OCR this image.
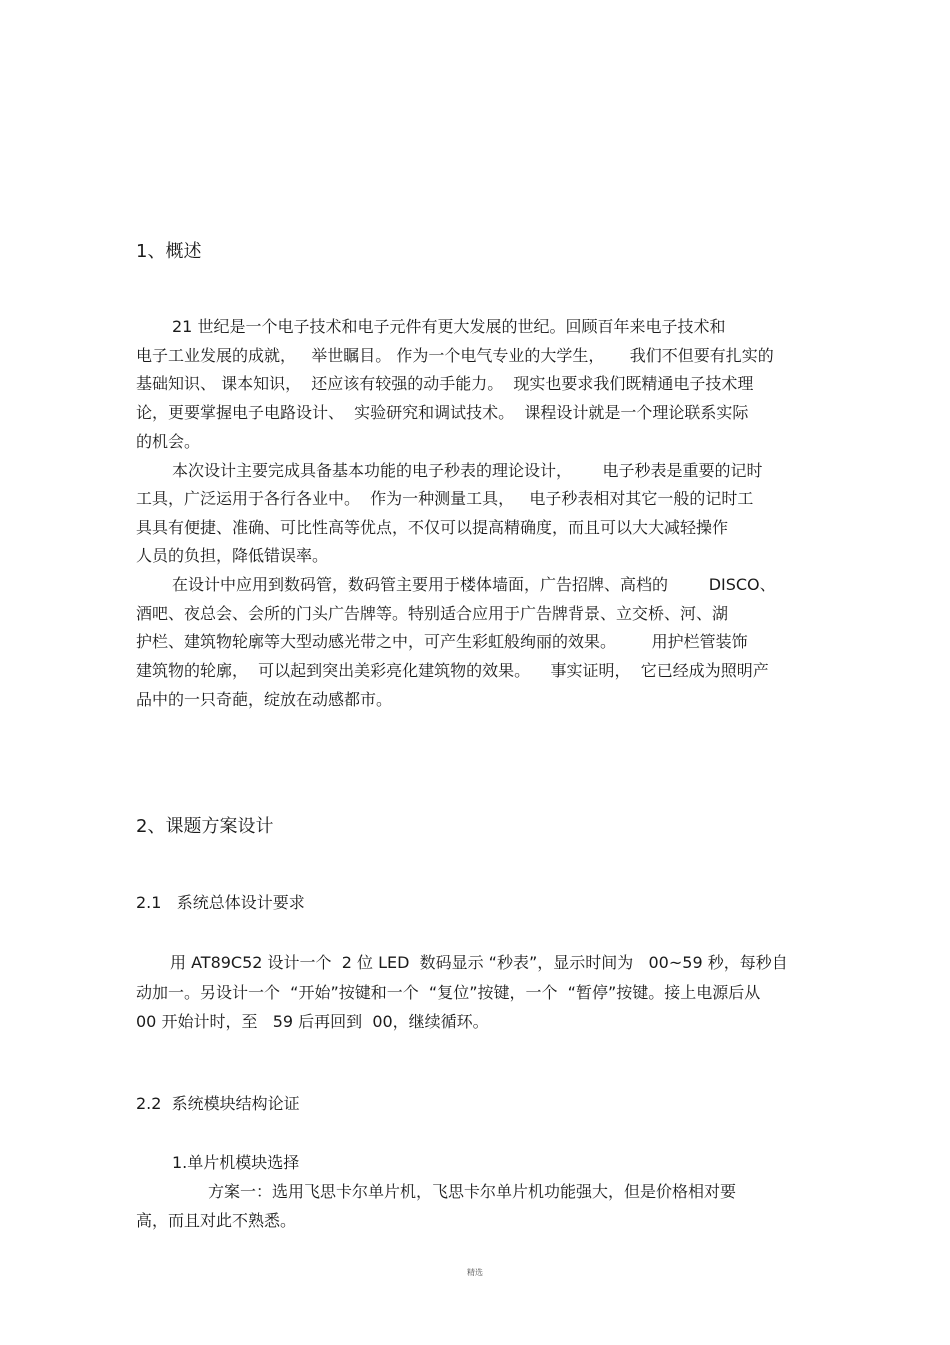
1、概述
21 世纪是一个电子技术和电子元件有更大发展的世纪。回顾百年来电子技术和
电子工业发展的成就，   举世瞩目。 作为一个电气专业的大学生，     我们不但要有扎实的
基础知识、 课本知识，  还应该有较强的动手能力。  现实也要求我们既精通电子技术理
论，更要掌握电子电路设计、  实验研究和调试技术。  课程设计就是一个理论联系实际
的机会。
本次设计主要完成具备基本功能的电子秒表的理论设计，      电子秒表是重要的记时
工具，广泛运用于各行各业中。  作为一种测量工具，   电子秒表相对其它一般的记时工
具具有便捷、准确、可比性高等优点，不仅可以提高精确度，而且可以大大减轻操作
人员的负担，降低错误率。
在设计中应用到数码管，数码管主要用于楼体墙面，广告招牌、高档的        DISCO、
酒吧、夜总会、会所的门头广告牌等。特别适合应用于广告牌背景、立交桥、河、湖
护栏、建筑物轮廓等大型动感光带之中，可产生彩虹般绚丽的效果。       用护栏管装饰
建筑物的轮廓，  可以起到突出美彩亮化建筑物的效果。    事实证明，  它已经成为照明产
品中的一只奇葩，绽放在动感都市。
2、课题方案设计
2.1   系统总体设计要求
用 AT89C52 设计一个  2 位 LED  数码显示 “秒表”，显示时间为   00~59 秒，每秒自
动加一。另设计一个  “开始”按键和一个  “复位”按键，一个  “暂停”按键。接上电源后从
00 开始计时，至   59 后再回到  00，继续循环。
2.2  系统模块结构论证
1.单片机模块选择
方案一：选用飞思卡尔单片机，飞思卡尔单片机功能强大，但是价格相对要
高，而且对此不熟悉。
精选
